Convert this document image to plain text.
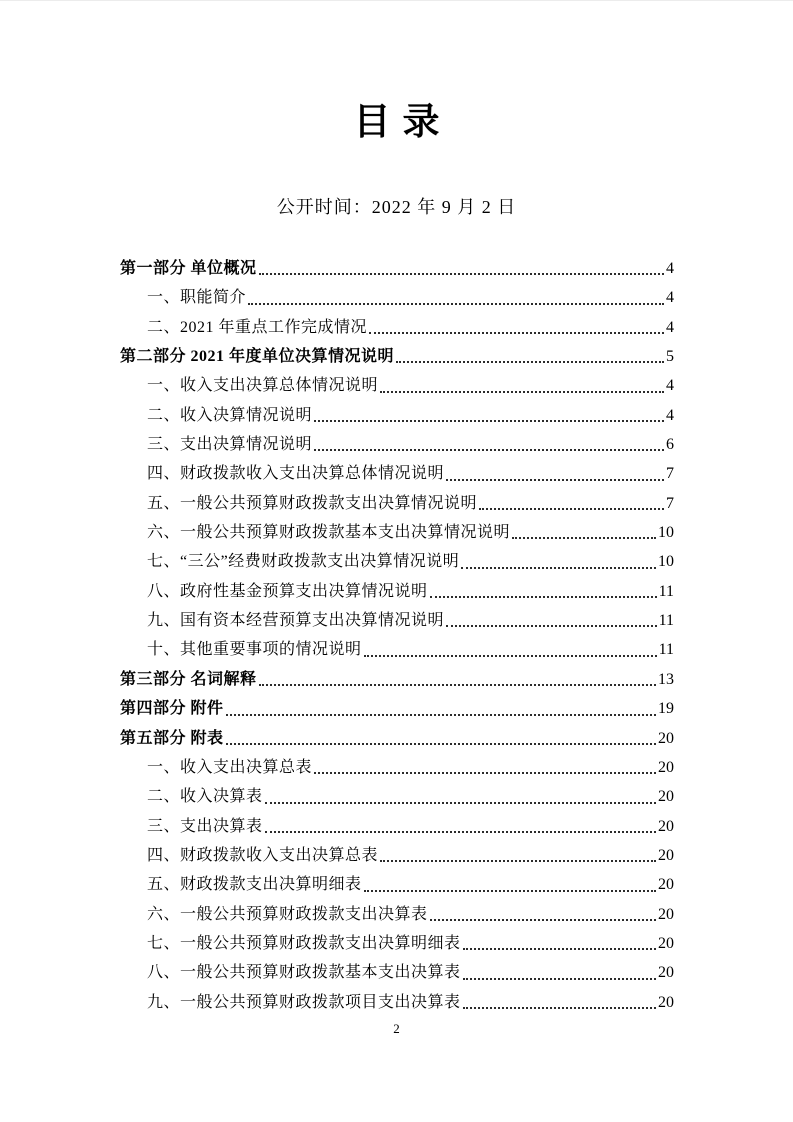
目录
公开时间：2022 年 9 月 2 日
第一部分 单位概况	4
一、职能简介	4
二、2021 年重点工作完成情况	4
第二部分 2021 年度单位决算情况说明	5
一、收入支出决算总体情况说明	4
二、收入决算情况说明	4
三、支出决算情况说明	6
四、财政拨款收入支出决算总体情况说明	7
五、一般公共预算财政拨款支出决算情况说明	7
六、一般公共预算财政拨款基本支出决算情况说明	10
七、“三公”经费财政拨款支出决算情况说明	10
八、政府性基金预算支出决算情况说明	11
九、国有资本经营预算支出决算情况说明	11
十、其他重要事项的情况说明	11
第三部分 名词解释	13
第四部分 附件	19
第五部分 附表	20
一、收入支出决算总表	20
二、收入决算表	20
三、支出决算表	20
四、财政拨款收入支出决算总表	20
五、财政拨款支出决算明细表	20
六、一般公共预算财政拨款支出决算表	20
七、一般公共预算财政拨款支出决算明细表	20
八、一般公共预算财政拨款基本支出决算表	20
九、一般公共预算财政拨款项目支出决算表	20
2
